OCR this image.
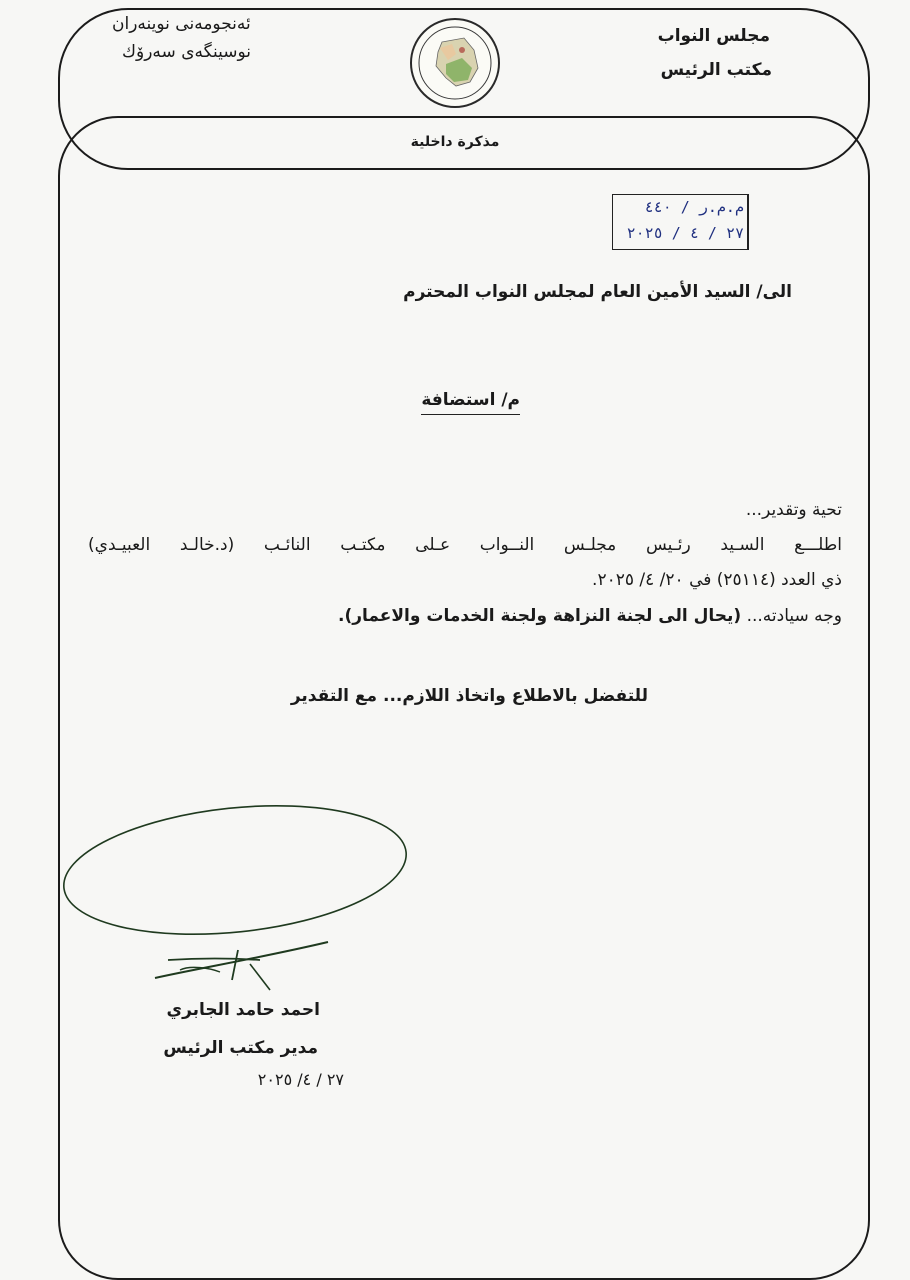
مجلس النواب
مكتب الرئيس
ئەنجومەنی نوینەران
نوسینگەی سەرۆك
مذكرة داخلية
م.م.ر / ٤٤٠
٢٧ / ٤ / ٢٠٢٥
الى/ السيد الأمين العام لمجلس النواب المحترم
م/ استضافة
تحية وتقدير...
اطلـــع السـيد رئـيس مجلـس النــواب عـلى مكتـب النائـب (د.خالـد العبيـدي)
ذي العدد (٢٥١١٤) في ٢٠/ ٤/ ٢٠٢٥.
وجه سيادته... (يحال الى لجنة النزاهة ولجنة الخدمات والاعمار).
للتفضل بالاطلاع واتخاذ اللازم... مع التقدير
احمد حامد الجابري
مدير مكتب الرئيس
٢٧ / ٤/ ٢٠٢٥
